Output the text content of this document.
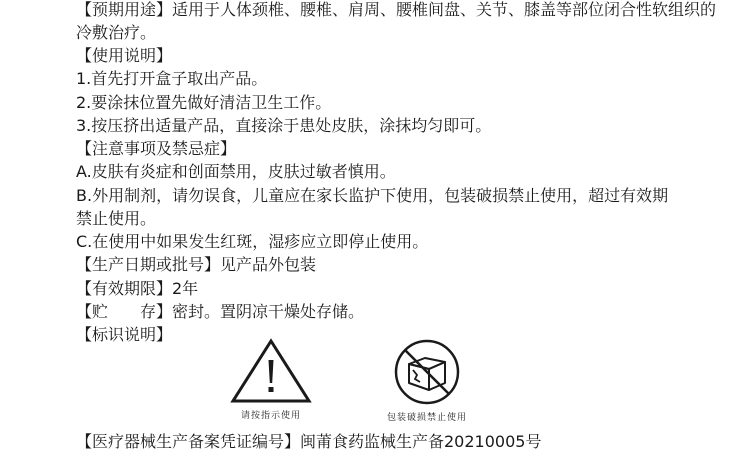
【预期用途】适用于人体颈椎、腰椎、肩周、腰椎间盘、关节、膝盖等部位闭合性软组织的

冷敷治疗。

【使用说明】

1.首先打开盒子取出产品。

2.要涂抹位置先做好清洁卫生工作。

3.按压挤出适量产品，直接涂于患处皮肤，涂抹均匀即可。

【注意事项及禁忌症】

A.皮肤有炎症和创面禁用，皮肤过敏者慎用。

B.外用制剂，请勿误食，儿童应在家长监护下使用，包装破损禁止使用，超过有效期

禁止使用。

C.在使用中如果发生红斑，湿疹应立即停止使用。

【生产日期或批号】见产品外包装

【有效期限】2年

【贮　　存】密封。置阴凉干燥处存储。

【标识说明】

请按指示使用	包装破损禁止使用

【医疗器械生产备案凭证编号】闽莆食药监械生产备20210005号
